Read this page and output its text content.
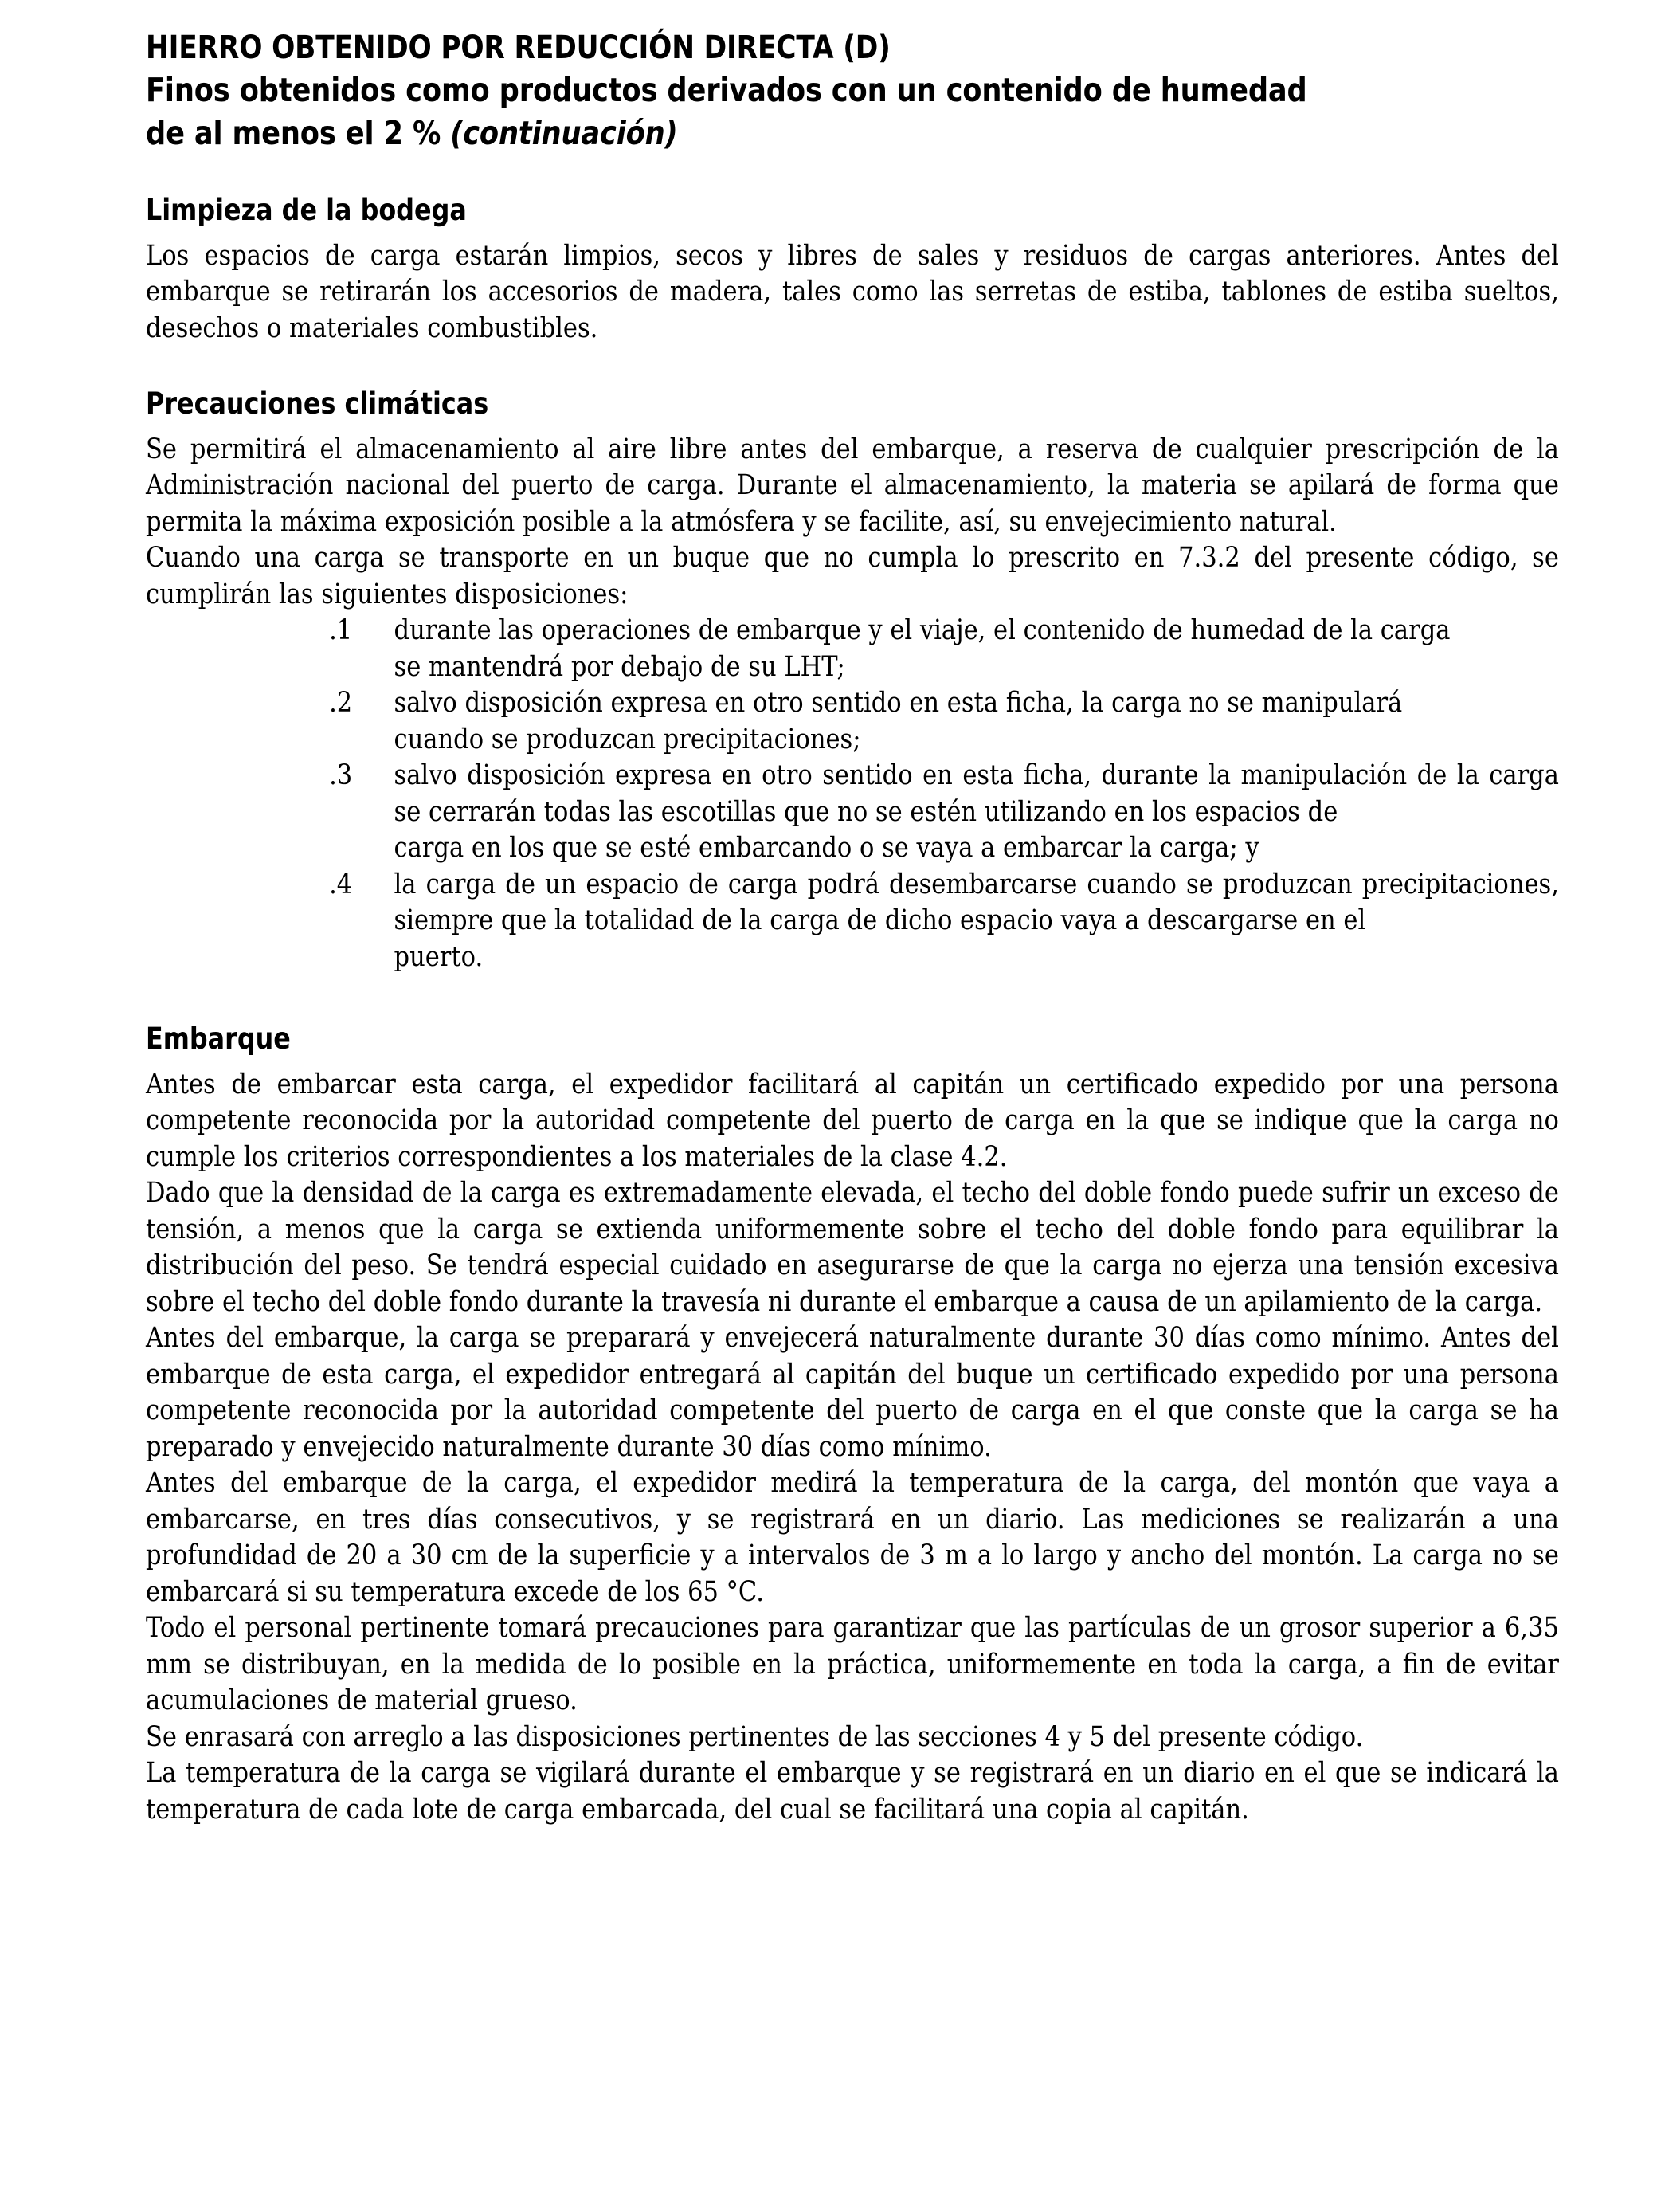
HIERRO OBTENIDO POR REDUCCIÓN DIRECTA (D)
Finos obtenidos como productos derivados con un contenido de humedad
de al menos el 2 % (continuación)
Limpieza de la bodega

Los espacios de carga estarán limpios, secos y libres de sales y residuos de cargas anteriores. Antes del embarque se retirarán los accesorios de madera, tales como las serretas de estiba, tablones de estiba sueltos, desechos o materiales combustibles.

Precauciones climáticas

Se permitirá el almacenamiento al aire libre antes del embarque, a reserva de cualquier prescripción de la Administración nacional del puerto de carga. Durante el almacenamiento, la materia se apilará de forma que permita la máxima exposición posible a la atmósfera y se facilite, así, su envejecimiento natural.

Cuando una carga se transporte en un buque que no cumpla lo prescrito en 7.3.2 del presente código, se cumplirán las siguientes disposiciones:

.1	durante las operaciones de embarque y el viaje, el contenido de humedad de la carga
se mantendrá por debajo de su LHT;
.2	salvo disposición expresa en otro sentido en esta ficha, la carga no se manipulará
cuando se produzcan precipitaciones;
.3	salvo disposición expresa en otro sentido en esta ficha, durante la manipulación de la carga se cerrarán todas las escotillas que no se estén utilizando en los espacios de
carga en los que se esté embarcando o se vaya a embarcar la carga; y
.4	la carga de un espacio de carga podrá desembarcarse cuando se produzcan precipitaciones, siempre que la totalidad de la carga de dicho espacio vaya a descargarse en el
puerto.
Embarque

Antes de embarcar esta carga, el expedidor facilitará al capitán un certificado expedido por una persona competente reconocida por la autoridad competente del puerto de carga en la que se indique que la carga no cumple los criterios correspondientes a los materiales de la clase 4.2.

Dado que la densidad de la carga es extremadamente elevada, el techo del doble fondo puede sufrir un exceso de tensión, a menos que la carga se extienda uniformemente sobre el techo del doble fondo para equilibrar la distribución del peso. Se tendrá especial cuidado en asegurarse de que la carga no ejerza una tensión excesiva sobre el techo del doble fondo durante la travesía ni durante el embarque a causa de un apilamiento de la carga.

Antes del embarque, la carga se preparará y envejecerá naturalmente durante 30 días como mínimo. Antes del embarque de esta carga, el expedidor entregará al capitán del buque un certificado expedido por una persona competente reconocida por la autoridad competente del puerto de carga en el que conste que la carga se ha preparado y envejecido naturalmente durante 30 días como mínimo.

Antes del embarque de la carga, el expedidor medirá la temperatura de la carga, del montón que vaya a embarcarse, en tres días consecutivos, y se registrará en un diario. Las mediciones se realizarán a una profundidad de 20 a 30 cm de la superficie y a intervalos de 3 m a lo largo y ancho del montón. La carga no se embarcará si su temperatura excede de los 65 °C.

Todo el personal pertinente tomará precauciones para garantizar que las partículas de un grosor superior a 6,35 mm se distribuyan, en la medida de lo posible en la práctica, uniformemente en toda la carga, a fin de evitar acumulaciones de material grueso.

Se enrasará con arreglo a las disposiciones pertinentes de las secciones 4 y 5 del presente código.

La temperatura de la carga se vigilará durante el embarque y se registrará en un diario en el que se indicará la temperatura de cada lote de carga embarcada, del cual se facilitará una copia al capitán.
